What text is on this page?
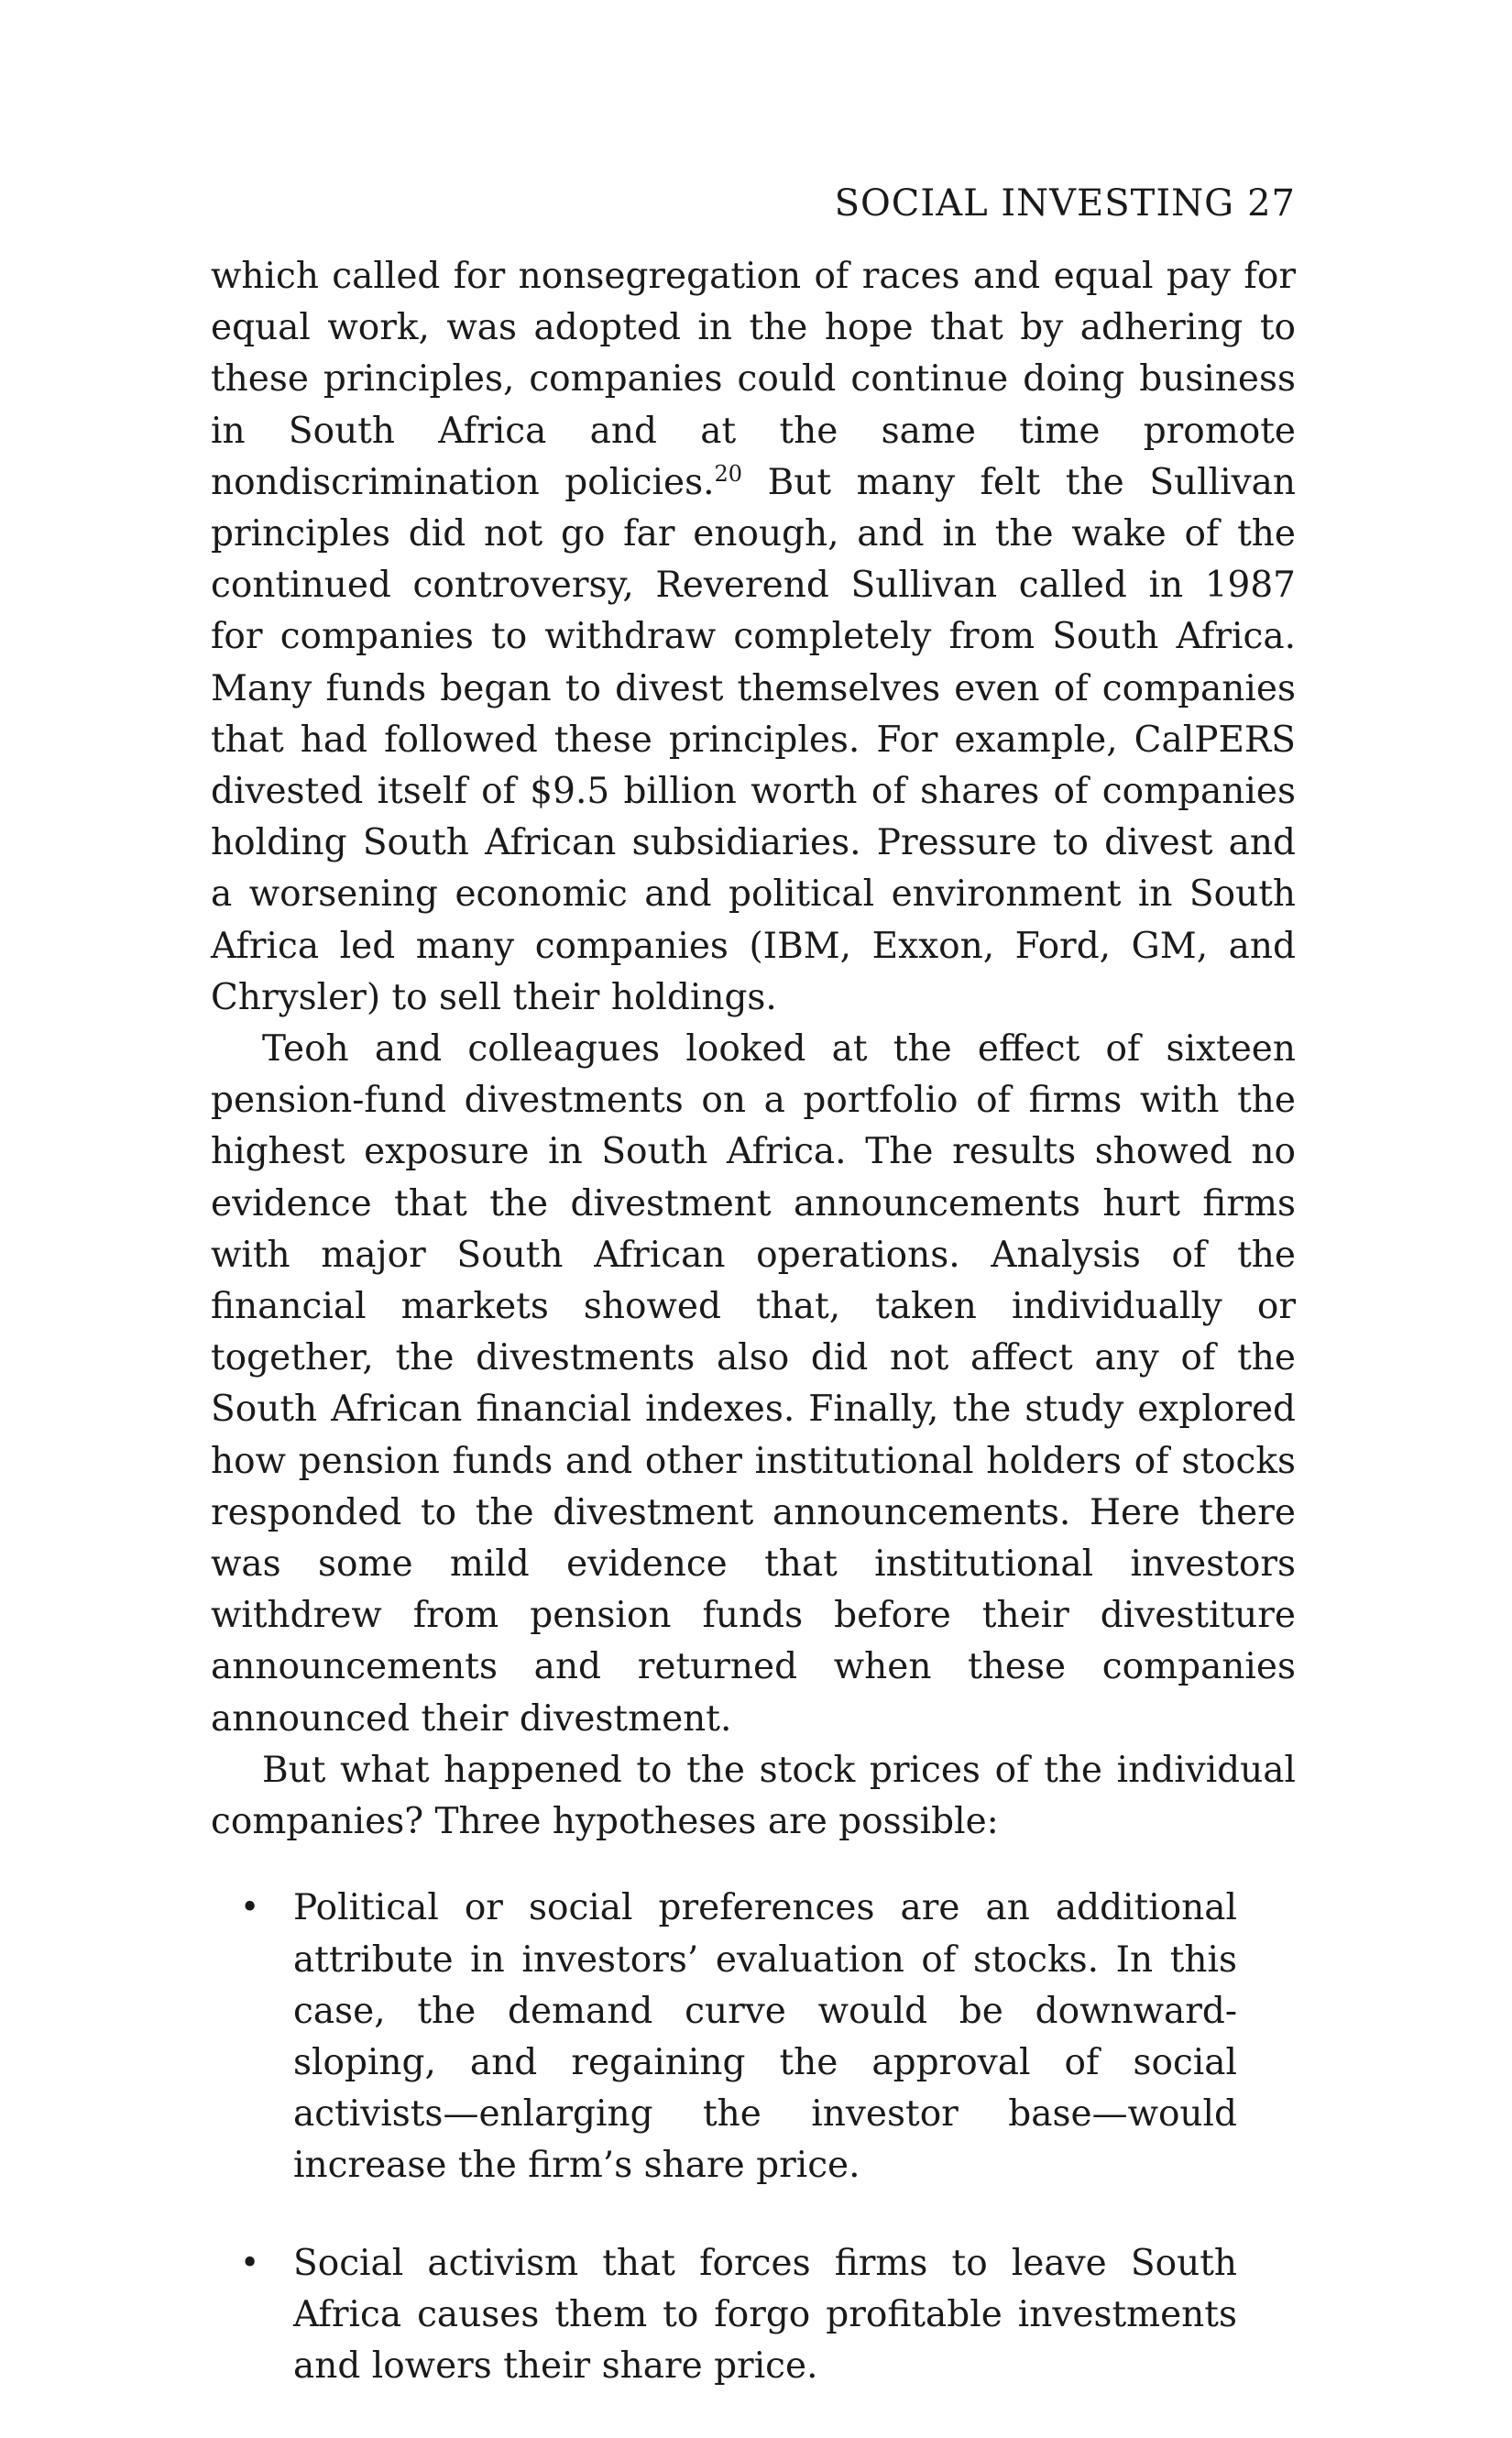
SOCIAL INVESTING 27

which called for nonsegregation of races and equal pay for equal work, was adopted in the hope that by adhering to these principles, companies could continue doing business in South Africa and at the same time promote nondiscrimination policies.$^{20}$ But many felt the Sullivan principles did not go far enough, and in the wake of the continued controversy, Reverend Sullivan called in 1987 for companies to withdraw completely from South Africa. Many funds began to divest themselves even of companies that had followed these principles. For example, CalPERS divested itself of $9.5 billion worth of shares of companies holding South African subsidiaries. Pressure to divest and a worsening economic and political environment in South Africa led many companies (IBM, Exxon, Ford, GM, and Chrysler) to sell their holdings.

Teoh and colleagues looked at the effect of sixteen pension-fund divestments on a portfolio of firms with the highest exposure in South Africa. The results showed no evidence that the divestment announcements hurt firms with major South African operations. Analysis of the financial markets showed that, taken individually or together, the divestments also did not affect any of the South African financial indexes. Finally, the study explored how pension funds and other institutional holders of stocks responded to the divestment announcements. Here there was some mild evidence that institutional investors withdrew from pension funds before their divestiture announcements and returned when these companies announced their divestment.

But what happened to the stock prices of the individual companies? Three hypotheses are possible:

• Political or social preferences are an additional attribute in investors’ evaluation of stocks. In this case, the demand curve would be downward-sloping, and regaining the approval of social activists—enlarging the investor base—would increase the firm’s share price.
• Social activism that forces firms to leave South Africa causes them to forgo profitable investments and lowers their share price.
